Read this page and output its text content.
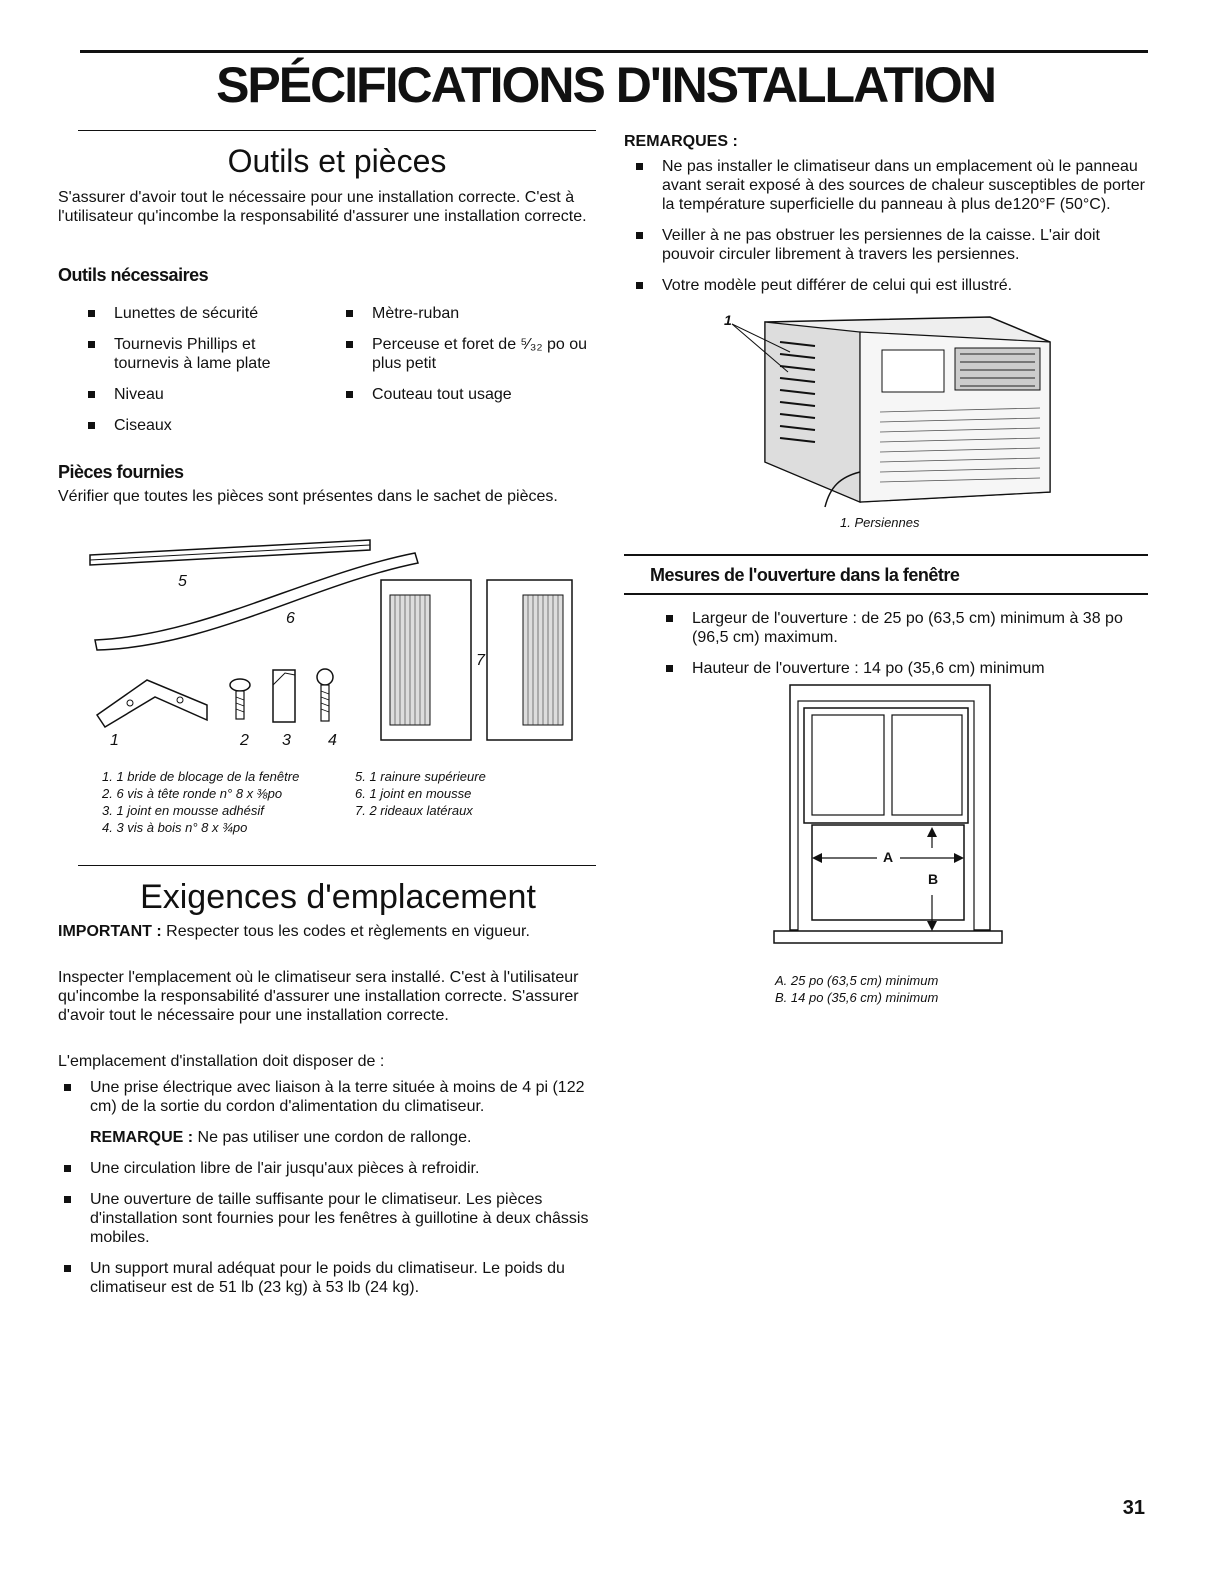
SPÉCIFICATIONS D'INSTALLATION
Outils et pièces
S'assurer d'avoir tout le nécessaire pour une installation correcte. C'est à l'utilisateur qu'incombe la responsabilité d'assurer une installation correcte.
Outils nécessaires
Lunettes de sécurité
Tournevis Phillips et tournevis à lame plate
Niveau
Ciseaux
Mètre-ruban
Perceuse et foret de ⁵⁄₃₂ po ou plus petit
Couteau tout usage
Pièces fournies
Vérifier que toutes les pièces sont présentes dans le sachet de pièces.
5
6
7
1	2 3 4
1. 1 bride de blocage de la fenêtre
2. 6 vis à tête ronde n° 8 x ⅜po
3. 1 joint en mousse adhésif
4. 3 vis à bois n° 8 x ¾po
5. 1 rainure supérieure
6. 1 joint en mousse
7. 2 rideaux latéraux
Exigences d'emplacement
IMPORTANT : Respecter tous les codes et règlements en vigueur.
Inspecter l'emplacement où le climatiseur sera installé. C'est à l'utilisateur qu'incombe la responsabilité d'assurer une installation correcte. S'assurer d'avoir tout le nécessaire pour une installation correcte.
L'emplacement d'installation doit disposer de :
Une prise électrique avec liaison à la terre située à moins de 4 pi (122 cm) de la sortie du cordon d'alimentation du climatiseur.
REMARQUE : Ne pas utiliser une cordon de rallonge.
Une circulation libre de l'air jusqu'aux pièces à refroidir.
Une ouverture de taille suffisante pour le climatiseur. Les pièces d'installation sont fournies pour les fenêtres à guillotine à deux châssis mobiles.
Un support mural adéquat pour le poids du climatiseur. Le poids du climatiseur est de 51 lb (23 kg) à 53 lb (24 kg).
REMARQUES :
Ne pas installer le climatiseur dans un emplacement où le panneau avant serait exposé à des sources de chaleur susceptibles de porter la température superficielle du panneau à plus de120°F (50°C).
Veiller à ne pas obstruer les persiennes de la caisse. L'air doit pouvoir circuler librement à travers les persiennes.
Votre modèle peut différer de celui qui est illustré.
1
1. Persiennes
Mesures de l'ouverture dans la fenêtre
Largeur de l'ouverture : de 25 po (63,5 cm) minimum à 38 po (96,5 cm) maximum.
Hauteur de l'ouverture : 14 po (35,6 cm) minimum
A
B
A. 25 po (63,5 cm) minimum
B. 14 po (35,6 cm) minimum
31
